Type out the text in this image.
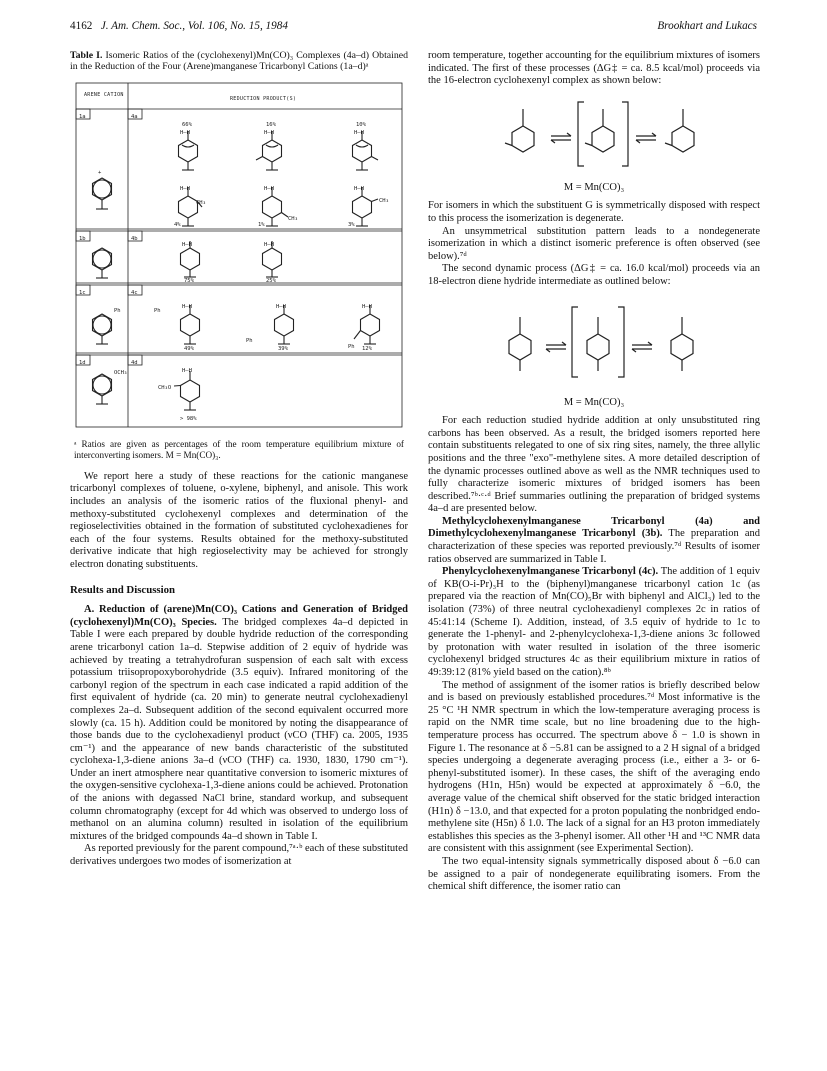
4162 J. Am. Chem. Soc., Vol. 106, No. 15, 1984	Brookhart and Lukacs

Table I. Isomeric Ratios of the (cyclohexenyl)Mn(CO)₃ Complexes (4a–d) Obtained in the Reduction of the Four (Arene)manganese Tricarbonyl Cations (1a–d)ᵃ

ARENE CATION
REDUCTION PRODUCT(S)
1a	4a
+
66%	16%	10%
H—H	H—H	H—H
H—H	H—H	H—H
CH₃
CH₃
CH₃
4%	1%	3%
1b	4b
H—H	H—H
75%	25%
1c	4c
Ph	Ph
Ph
Ph
H—H	H—H	H—H
49%	39%	12%
1d	4d
OCH₃
CH₃O
H—H
> 98%

ᵃ Ratios are given as percentages of the room temperature equilibrium mixture of interconverting isomers. M = Mn(CO)₃.

We report here a study of these reactions for the cationic manganese tricarbonyl complexes of toluene, o-xylene, biphenyl, and anisole. This work includes an analysis of the isomeric ratios of the fluxional phenyl- and methoxy-substituted cyclohexenyl complexes and determination of the regioselectivities obtained in the formation of substituted cyclohexadienes for each of the four systems. Results obtained for the methoxy-substituted derivative indicate that high regioselectivity may be achieved for strongly electron donating substituents.

Results and Discussion

A. Reduction of (arene)Mn(CO)₃ Cations and Generation of Bridged (cyclohexenyl)Mn(CO)₃ Species. The bridged complexes 4a–d depicted in Table I were each prepared by double hydride reduction of the corresponding arene tricarbonyl cation 1a–d. Stepwise addition of 2 equiv of hydride was achieved by treating a tetrahydrofuran suspension of each salt with excess potassium triisopropoxyborohydride (3.5 equiv). Infrared monitoring of the carbonyl region of the spectrum in each case indicated a rapid addition of the first equivalent of hydride (ca. 20 min) to generate neutral cyclohexadienyl complexes 2a–d. Subsequent addition of the second equivalent occurred more slowly (ca. 15 h). Addition could be monitored by noting the disappearance of those bands due to the cyclohexadienyl product (νCO (THF) ca. 2005, 1935 cm⁻¹) and the appearance of new bands characteristic of the substituted cyclohexa-1,3-diene anions 3a–d (νCO (THF) ca. 1930, 1830, 1790 cm⁻¹). Under an inert atmosphere near quantitative conversion to isomeric mixtures of the oxygen-sensitive cyclohexa-1,3-diene anions could be achieved. Protonation of the anions with degassed NaCl brine, standard workup, and subsequent column chromatography (except for 4d which was observed to undergo loss of methanol on an alumina column) resulted in isolation of the equilibrium mixtures of the bridged compounds 4a–d shown in Table I.

As reported previously for the parent compound,⁷ᵃ·ᵇ each of these substituted derivatives undergoes two modes of isomerization at

room temperature, together accounting for the equilibrium mixtures of isomers indicated. The first of these processes (ΔG‡ = ca. 8.5 kcal/mol) proceeds via the 16-electron cyclohexenyl complex as shown below:

M = Mn(CO)₃

For isomers in which the substituent G is symmetrically disposed with respect to this process the isomerization is degenerate.

An unsymmetrical substitution pattern leads to a nondegenerate isomerization in which a distinct isomeric preference is often observed (see below).⁷ᵈ

The second dynamic process (ΔG‡ = ca. 16.0 kcal/mol) proceeds via an 18-electron diene hydride intermediate as outlined below:

M = Mn(CO)₃

For each reduction studied hydride addition at only unsubstituted ring carbons has been observed. As a result, the bridged isomers reported here contain substituents relegated to one of six ring sites, namely, the three allylic positions and the three "exo"-methylene sites. A more detailed description of the dynamic processes outlined above as well as the NMR techniques used to fully characterize isomeric mixtures of bridged isomers has been described.⁷ᵇ·ᶜ·ᵈ Brief summaries outlining the preparation of bridged systems 4a–d are presented below.

Methylcyclohexenylmanganese Tricarbonyl (4a) and Dimethylcyclohexenylmanganese Tricarbonyl (3b). The preparation and characterization of these species was reported previously.⁷ᵈ Results of isomer ratios observed are summarized in Table I.

Phenylcyclohexenylmanganese Tricarbonyl (4c). The addition of 1 equiv of KB(O-i-Pr)₃H to the (biphenyl)manganese tricarbonyl cation 1c (as prepared via the reaction of Mn(CO)₅Br with biphenyl and AlCl₃) led to the isolation (73%) of three neutral cyclohexadienyl complexes 2c in ratios of 45:41:14 (Scheme I). Addition, instead, of 3.5 equiv of hydride to 1c to generate the 1-phenyl- and 2-phenylcyclohexa-1,3-diene anions 3c followed by protonation with water resulted in isolation of the three isomeric cyclohexenyl bridged structures 4c as their equilibrium mixture in ratios of 49:39:12 (81% yield based on the cation).⁸ᵇ

The method of assignment of the isomer ratios is briefly described below and is based on previously established procedures.⁷ᵈ Most informative is the 25 °C ¹H NMR spectrum in which the low-temperature averaging process is rapid on the NMR time scale, but no line broadening due to the high-temperature process has occurred. The spectrum above δ − 1.0 is shown in Figure 1. The resonance at δ −5.81 can be assigned to a 2 H signal of a bridged species undergoing a degenerate averaging process (i.e., either a 3- or 6-phenyl-substituted isomer). In these cases, the shift of the averaging endo hydrogens (H1n, H5n) would be expected at approximately δ −6.0, the average value of the chemical shift observed for the static bridged interaction (H1n) δ −13.0, and that expected for a proton populating the nonbridged endo-methylene site (H5n) δ 1.0. The lack of a signal for an H3 proton immediately establishes this species as the 3-phenyl isomer. All other ¹H and ¹³C NMR data are consistent with this assignment (see Experimental Section).

The two equal-intensity signals symmetrically disposed about δ −6.0 can be assigned to a pair of nondegenerate equilibrating isomers. From the chemical shift difference, the isomer ratio can
